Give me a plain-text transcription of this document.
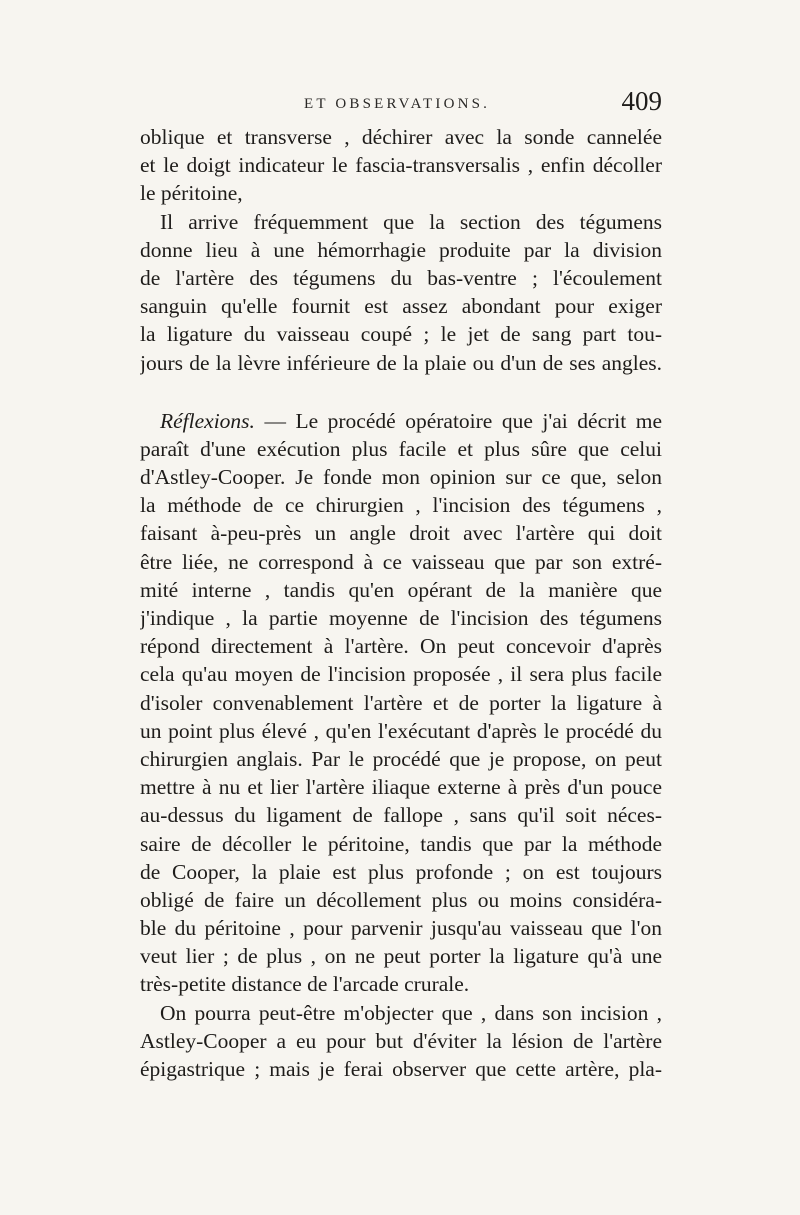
ET OBSERVATIONS.	409
oblique et transverse , déchirer avec la sonde cannelée
et le doigt indicateur le fascia-transversalis , enfin décoller
le péritoine,
Il arrive fréquemment que la section des tégumens
donne lieu à une hémorrhagie produite par la division
de l'artère des tégumens du bas-ventre ; l'écoulement
sanguin qu'elle fournit est assez abondant pour exiger
la ligature du vaisseau coupé ; le jet de sang part tou-
jours de la lèvre inférieure de la plaie ou d'un de ses angles.
Réflexions. — Le procédé opératoire que j'ai décrit me
paraît d'une exécution plus facile et plus sûre que celui
d'Astley-Cooper. Je fonde mon opinion sur ce que, selon
la méthode de ce chirurgien , l'incision des tégumens ,
faisant à-peu-près un angle droit avec l'artère qui doit
être liée, ne correspond à ce vaisseau que par son extré-
mité interne , tandis qu'en opérant de la manière que
j'indique , la partie moyenne de l'incision des tégumens
répond directement à l'artère. On peut concevoir d'après
cela qu'au moyen de l'incision proposée , il sera plus facile
d'isoler convenablement l'artère et de porter la ligature à
un point plus élevé , qu'en l'exécutant d'après le procédé du
chirurgien anglais. Par le procédé que je propose, on peut
mettre à nu et lier l'artère iliaque externe à près d'un pouce
au-dessus du ligament de fallope , sans qu'il soit néces-
saire de décoller le péritoine, tandis que par la méthode
de Cooper, la plaie est plus profonde ; on est toujours
obligé de faire un décollement plus ou moins considéra-
ble du péritoine , pour parvenir jusqu'au vaisseau que l'on
veut lier ; de plus , on ne peut porter la ligature qu'à une
très-petite distance de l'arcade crurale.
On pourra peut-être m'objecter que , dans son incision ,
Astley-Cooper a eu pour but d'éviter la lésion de l'artère
épigastrique ; mais je ferai observer que cette artère, pla-
